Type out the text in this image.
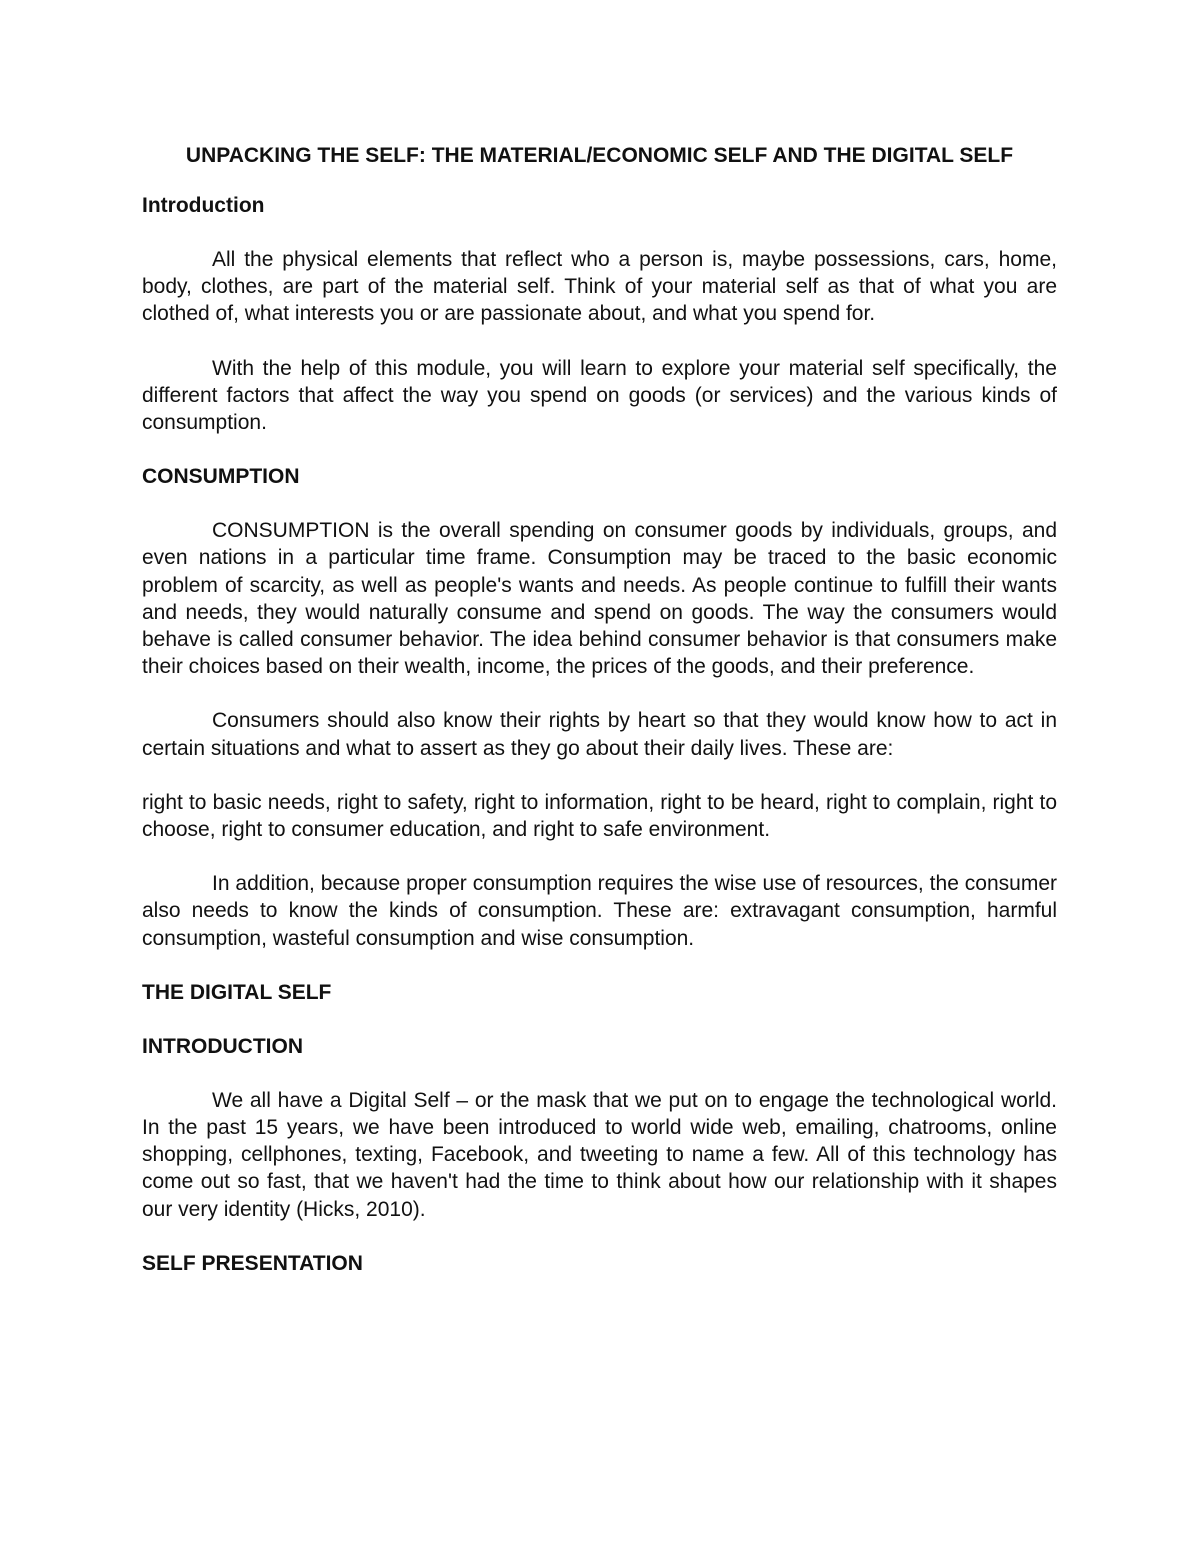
UNPACKING THE SELF: THE MATERIAL/ECONOMIC SELF AND THE DIGITAL SELF
Introduction

All the physical elements that reflect who a person is, maybe possessions, cars, home, body, clothes, are part of the material self. Think of your material self as that of what you are clothed of, what interests you or are passionate about, and what you spend for.

With the help of this module, you will learn to explore your material self specifically, the different factors that affect the way you spend on goods (or services) and the various kinds of consumption.

CONSUMPTION

CONSUMPTION is the overall spending on consumer goods by individuals, groups, and even nations in a particular time frame. Consumption may be traced to the basic economic problem of scarcity, as well as people's wants and needs. As people continue to fulfill their wants and needs, they would naturally consume and spend on goods. The way the consumers would behave is called consumer behavior. The idea behind consumer behavior is that consumers make their choices based on their wealth, income, the prices of the goods, and their preference.

Consumers should also know their rights by heart so that they would know how to act in certain situations and what to assert as they go about their daily lives. These are:

right to basic needs, right to safety, right to information, right to be heard, right to complain, right to choose, right to consumer education, and right to safe environment.

In addition, because proper consumption requires the wise use of resources, the consumer also needs to know the kinds of consumption. These are: extravagant consumption, harmful consumption, wasteful consumption and wise consumption.

THE DIGITAL SELF
INTRODUCTION

We all have a Digital Self – or the mask that we put on to engage the technological world. In the past 15 years, we have been introduced to world wide web, emailing, chatrooms, online shopping, cellphones, texting, Facebook, and tweeting to name a few. All of this technology has come out so fast, that we haven't had the time to think about how our relationship with it shapes our very identity (Hicks, 2010).

SELF PRESENTATION
